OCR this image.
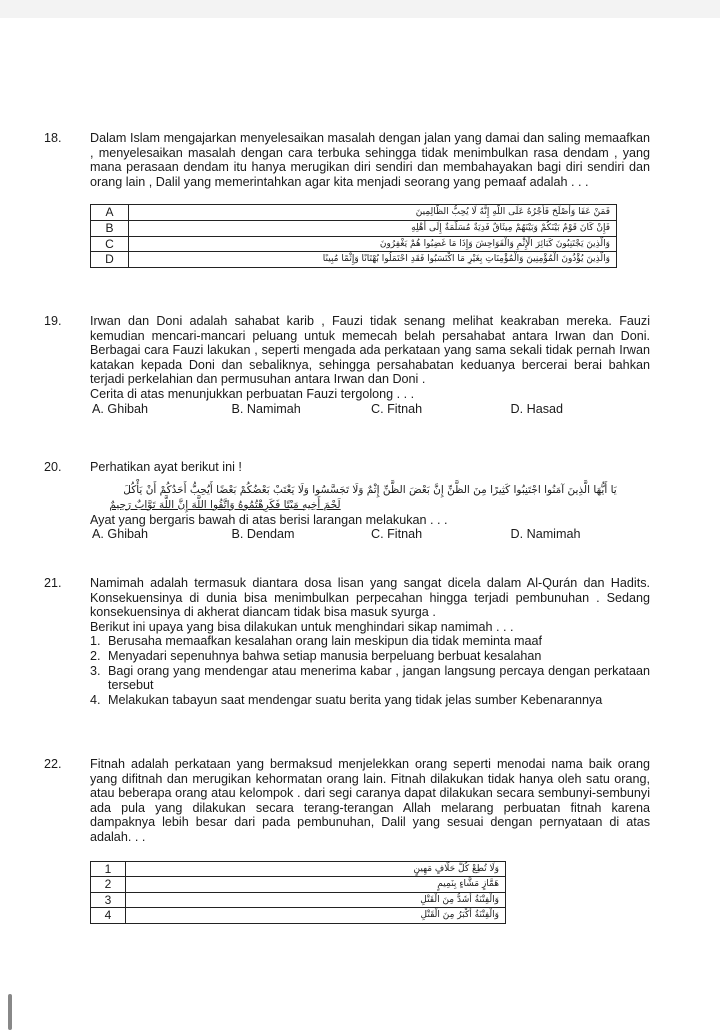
18. Dalam Islam mengajarkan menyelesaikan masalah dengan jalan yang damai dan saling memaafkan , menyelesaikan masalah dengan cara terbuka sehingga tidak menimbulkan rasa dendam , yang mana perasaan dendam itu hanya merugikan diri sendiri dan membahayakan bagi diri sendiri dan orang lain , Dalil yang memerintahkan agar kita menjadi seorang yang pemaaf adalah . . .

A	فَمَنْ عَفَا وَأَصْلَحَ فَأَجْرُهُ عَلَى اللَّهِ إِنَّهُ لَا يُحِبُّ الظَّالِمِينَ
B	فَإِنْ كَانَ قَوْمٌ بَيْنَكُمْ وَبَيْنَهُمْ مِيثَاقٌ فَدِيَةٌ مُسَلَّمَةٌ إِلَى أَهْلِهِ
C	وَالَّذِينَ يَجْتَنِبُونَ كَبَائِرَ الْإِثْمِ وَالْفَوَاحِشَ وَإِذَا مَا غَضِبُوا هُمْ يَغْفِرُونَ
D	وَالَّذِينَ يُؤْذُونَ الْمُؤْمِنِينَ وَالْمُؤْمِنَاتِ بِغَيْرِ مَا اكْتَسَبُوا فَقَدِ احْتَمَلُوا بُهْتَانًا وَإِثْمًا مُبِينًا
19. Irwan dan Doni adalah sahabat karib , Fauzi tidak senang melihat keakraban mereka. Fauzi kemudian mencari-mancari peluang untuk memecah belah persahabat antara Irwan dan Doni. Berbagai cara Fauzi lakukan , seperti mengada ada perkataan yang sama sekali tidak pernah Irwan katakan kepada Doni dan sebaliknya, sehingga persahabatan keduanya bercerai berai bahkan terjadi perkelahian dan permusuhan antara Irwan dan Doni .

Cerita di atas menunjukkan perbuatan Fauzi tergolong . . .

A. Ghibah	B. Namimah	C. Fitnah	D. Hasad
20. Perhatikan ayat berikut ini !

يَا أَيُّهَا الَّذِينَ آمَنُوا اجْتَنِبُوا كَثِيرًا مِنَ الظَّنِّ إِنَّ بَعْضَ الظَّنِّ إِثْمٌ وَلَا تَجَسَّسُوا وَلَا يَغْتَبْ بَعْضُكُمْ بَعْضًا أَيُحِبُّ أَحَدُكُمْ أَنْ يَأْكُلَ
لَحْمَ أَخِيهِ مَيْتًا فَكَرِهْتُمُوهُ وَاتَّقُوا اللَّهَ إِنَّ اللَّهَ تَوَّابٌ رَحِيمٌ

Ayat yang bergaris bawah di atas berisi larangan melakukan . . .

A. Ghibah	B. Dendam	C. Fitnah	D. Namimah
21. Namimah adalah termasuk diantara dosa lisan yang sangat dicela dalam Al-Qurán dan Hadits. Konsekuensinya di dunia bisa menimbulkan perpecahan hingga terjadi pembunuhan . Sedang konsekuensinya di akherat diancam tidak bisa masuk syurga .

Berikut ini upaya yang bisa dilakukan untuk menghindari sikap namimah . . .

1. Berusaha memaafkan kesalahan orang lain meskipun dia tidak meminta maaf
2. Menyadari sepenuhnya bahwa setiap manusia berpeluang berbuat kesalahan
3. Bagi orang yang mendengar atau menerima kabar , jangan langsung percaya dengan perkataan tersebut
4. Melakukan tabayun saat mendengar suatu berita yang tidak jelas sumber Kebenarannya
22. Fitnah adalah perkataan yang bermaksud menjelekkan orang seperti menodai nama baik orang yang difitnah dan merugikan kehormatan orang lain. Fitnah dilakukan tidak hanya oleh satu orang, atau beberapa orang atau kelompok . dari segi caranya dapat dilakukan secara sembunyi-sembunyi ada pula yang dilakukan secara terang-terangan Allah melarang perbuatan fitnah karena dampaknya lebih besar dari pada pembunuhan, Dalil yang sesuai dengan pernyataan di atas adalah. . .

1	وَلَا تُطِعْ كُلَّ حَلَّافٍ مَهِينٍ
2	هَمَّازٍ مَشَّاءٍ بِنَمِيمٍ
3	وَالْفِتْنَةُ أَشَدُّ مِنَ الْقَتْلِ
4	وَالْفِتْنَةُ أَكْبَرُ مِنَ الْقَتْلِ
